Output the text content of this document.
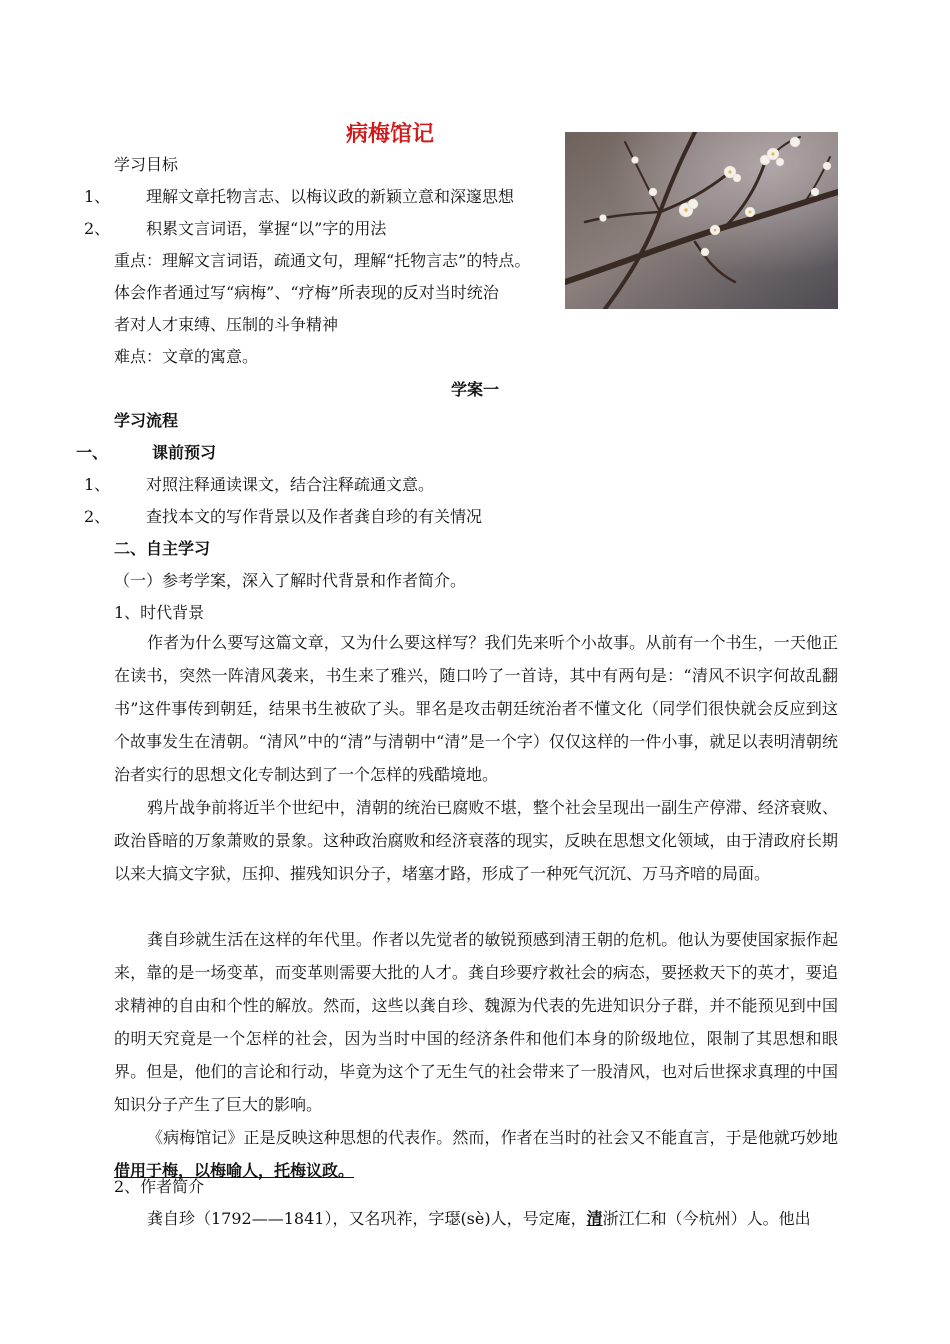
病梅馆记
学习目标
1、 理解文章托物言志、以梅议政的新颖立意和深邃思想
2、 积累文言词语，掌握“以”字的用法
重点：理解文言词语，疏通文句，理解“托物言志”的特点。
体会作者通过写“病梅”、“疗梅”所表现的反对当时统治
者对人才束缚、压制的斗争精神
难点：文章的寓意。
学案一
学习流程
一、	课前预习
1、 对照注释通读课文，结合注释疏通文意。
2、 查找本文的写作背景以及作者龚自珍的有关情况
二、自主学习
（一）参考学案，深入了解时代背景和作者简介。
1、时代背景

作者为什么要写这篇文章，又为什么要这样写？我们先来听个小故事。从前有一个书生，一天他正在读书，突然一阵清风袭来，书生来了雅兴，随口吟了一首诗，其中有两句是：“清风不识字何故乱翻书”这件事传到朝廷，结果书生被砍了头。罪名是攻击朝廷统治者不懂文化（同学们很快就会反应到这个故事发生在清朝。“清风”中的“清”与清朝中“清”是一个字）仅仅这样的一件小事，就足以表明清朝统治者实行的思想文化专制达到了一个怎样的残酷境地。

鸦片战争前将近半个世纪中，清朝的统治已腐败不堪，整个社会呈现出一副生产停滞、经济衰败、政治昏暗的万象萧败的景象。这种政治腐败和经济衰落的现实，反映在思想文化领域，由于清政府长期以来大搞文字狱，压抑、摧残知识分子，堵塞才路，形成了一种死气沉沉、万马齐喑的局面。

龚自珍就生活在这样的年代里。作者以先觉者的敏锐预感到清王朝的危机。他认为要使国家振作起来，靠的是一场变革，而变革则需要大批的人才。龚自珍要疗救社会的病态，要拯救天下的英才，要追求精神的自由和个性的解放。然而，这些以龚自珍、魏源为代表的先进知识分子群，并不能预见到中国的明天究竟是一个怎样的社会，因为当时中国的经济条件和他们本身的阶级地位，限制了其思想和眼界。但是，他们的言论和行动，毕竟为这个了无生气的社会带来了一股清风，也对后世探求真理的中国知识分子产生了巨大的影响。

《病梅馆记》正是反映这种思想的代表作。然而，作者在当时的社会又不能直言，于是他就巧妙地借用于梅，以梅喻人，托梅议政。

2、作者简介

龚自珍（1792——1841），又名巩祚，字璱(sè)人，号定庵，清浙江仁和（今杭州）人。他出
